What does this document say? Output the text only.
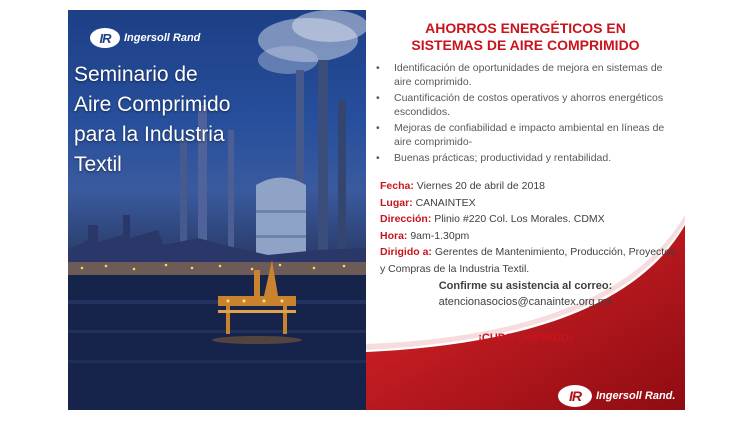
IR	Ingersoll Rand
Seminario de
Aire Comprimido
para la Industria
Textil
AHORROS ENERGÉTICOS EN
SISTEMAS DE AIRE COMPRIMIDO
• Identificación de oportunidades de mejora en sistemas de aire comprimido.
• Cuantificación de costos operativos y ahorros energéticos escondidos.
• Mejoras de confiabilidad e impacto ambiental en líneas de aire comprimido-
• Buenas prácticas; productividad y rentabilidad.
Fecha: Viernes 20 de abril de 2018
Lugar: CANAINTEX
Dirección: Plinio #220 Col. Los Morales. CDMX
Hora: 9am-1.30pm
Dirigido a: Gerentes de Mantenimiento, Producción, Proyectos y Compras de la Industria Textil.
Confirme su asistencia al correo:
atencionasocios@canaintex.org.mx
¡CUPO LIMITADO!
IR	Ingersoll Rand.
